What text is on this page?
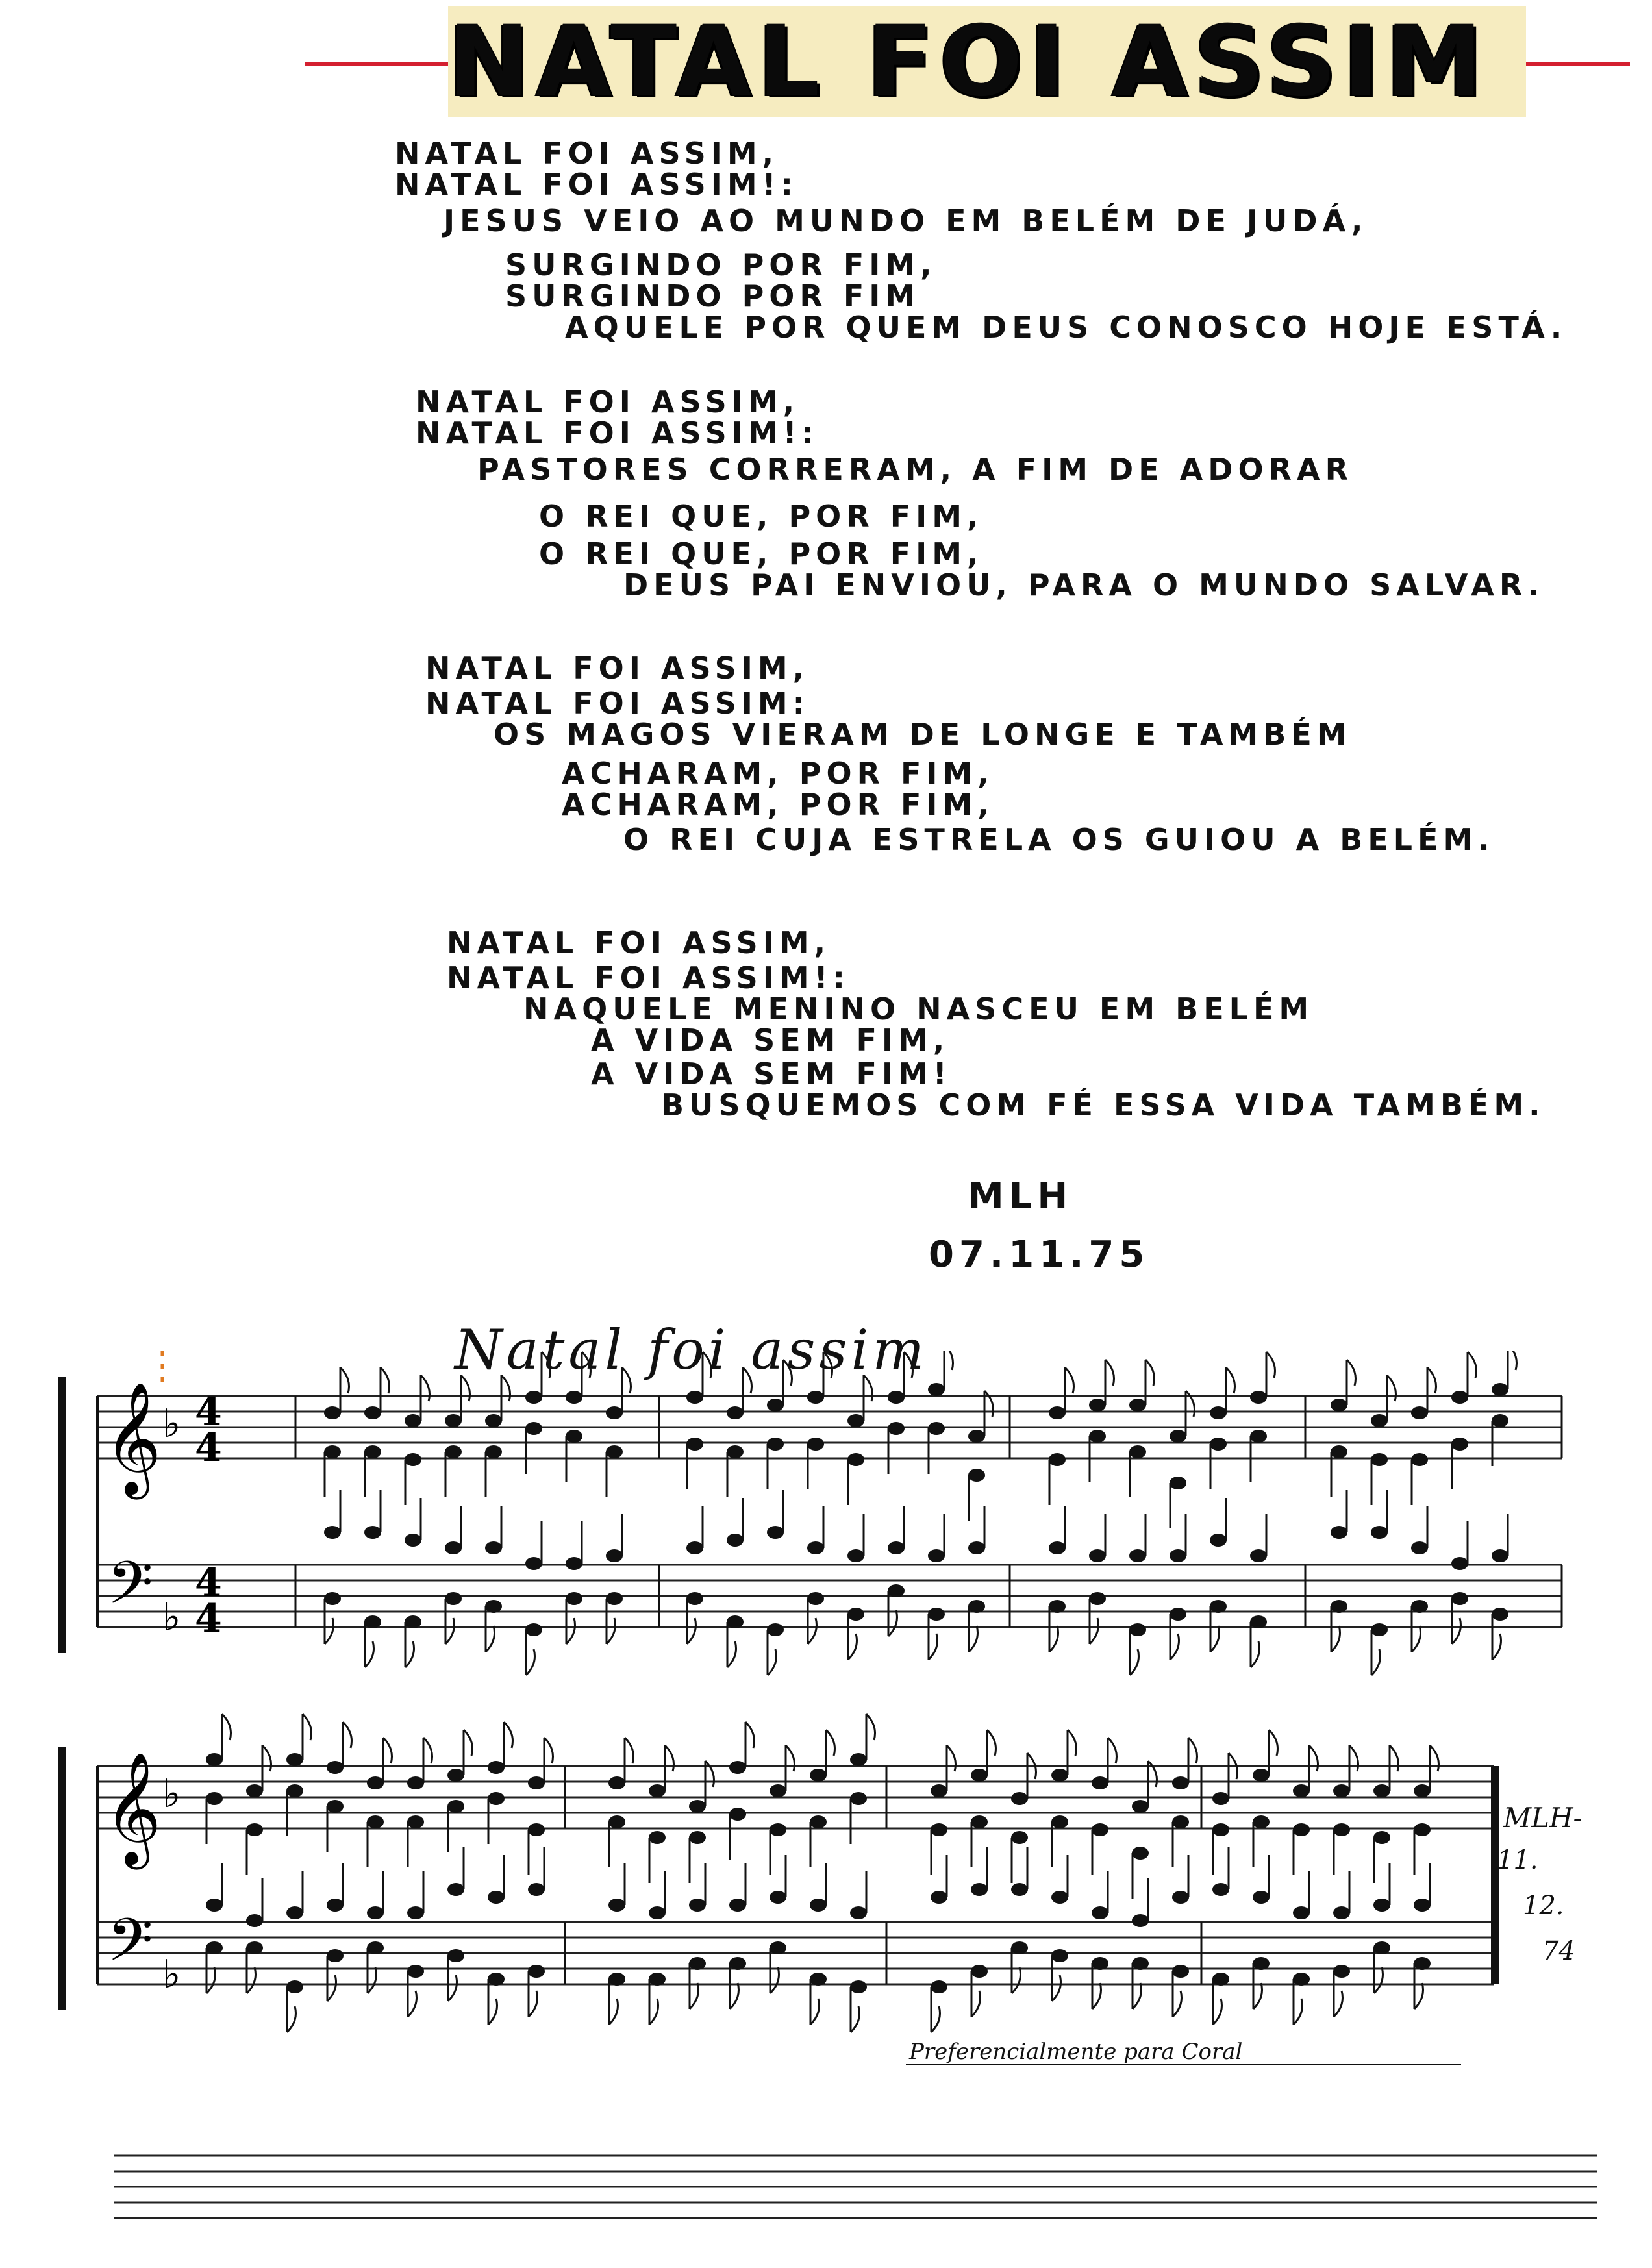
NATAL FOI ASSIM
NATAL FOI ASSIM,
NATAL FOI ASSIM!:
JESUS VEIO AO MUNDO EM BELÉM DE JUDÁ,
SURGINDO POR FIM,
SURGINDO POR FIM
AQUELE POR QUEM DEUS CONOSCO HOJE ESTÁ.
NATAL FOI ASSIM,
NATAL FOI ASSIM!:
PASTORES CORRERAM, A FIM DE ADORAR
O REI QUE, POR FIM,
O REI QUE, POR FIM,
DEUS PAI ENVIOU, PARA O MUNDO SALVAR.
NATAL FOI ASSIM,
NATAL FOI ASSIM:
OS MAGOS VIERAM DE LONGE E TAMBÉM
ACHARAM, POR FIM,
ACHARAM, POR FIM,
O REI CUJA ESTRELA OS GUIOU A BELÉM.
NATAL FOI ASSIM,
NATAL FOI ASSIM!:
NAQUELE MENINO NASCEU EM BELÉM
A VIDA SEM FIM,
A VIDA SEM FIM!
BUSQUEMOS COM FÉ ESSA VIDA TAMBÉM.
MLH
07.11.75
Natal foi assim
𝄞
𝄢
♭
♭
𝄞
𝄢
♭
♭
4
4
4
4
Preferencialmente para Coral
MLH-
11.
12.
74
